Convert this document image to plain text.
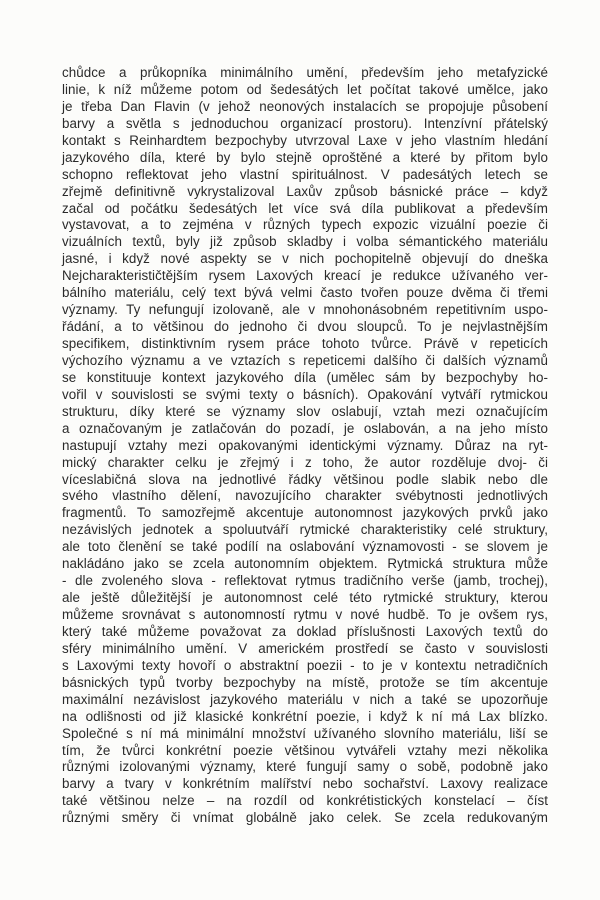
chůdce a průkopníka minimálního umění, především jeho metafyzické
linie, k níž můžeme potom od šedesátých let počítat takové umělce, jako
je třeba Dan Flavin (v jehož neonových instalacích se propojuje působení
barvy a světla s jednoduchou organizací prostoru). Intenzívní přátelský
kontakt s Reinhardtem bezpochyby utvrzoval Laxe v jeho vlastním hledání
jazykového díla, které by bylo stejně oproštěné a které by přitom bylo
schopno reflektovat jeho vlastní spirituálnost. V padesátých letech se
zřejmě definitivně vykrystalizoval Laxův způsob básnické práce – když
začal od počátku šedesátých let více svá díla publikovat a především
vystavovat, a to zejména v různých typech expozic vizuální poezie či
vizuálních textů, byly již způsob skladby i volba sémantického materiálu
jasné, i když nové aspekty se v nich pochopitelně objevují do dneška
Nejcharakterističtějším rysem Laxových kreací je redukce užívaného ver-
bálního materiálu, celý text bývá velmi často tvořen pouze dvěma či třemi
významy. Ty nefungují izolovaně, ale v mnohonásobném repetitivním uspo-
řádání, a to většinou do jednoho či dvou sloupců. To je nejvlastnějším
specifikem, distinktivním rysem práce tohoto tvůrce. Právě v repeticích
výchozího významu a ve vztazích s repeticemi dalšího či dalších významů
se konstituuje kontext jazykového díla (umělec sám by bezpochyby ho-
vořil v souvislosti se svými texty o básních). Opakování vytváří rytmickou
strukturu, díky které se významy slov oslabují, vztah mezi označujícím
a označovaným je zatlačován do pozadí, je oslabován, a na jeho místo
nastupují vztahy mezi opakovanými identickými významy. Důraz na ryt-
mický charakter celku je zřejmý i z toho, že autor rozděluje dvoj- či
víceslabičná slova na jednotlivé řádky většinou podle slabik nebo dle
svého vlastního dělení, navozujícího charakter svébytnosti jednotlivých
fragmentů. To samozřejmě akcentuje autonomnost jazykových prvků jako
nezávislých jednotek a spoluutváří rytmické charakteristiky celé struktury,
ale toto členění se také podílí na oslabování významovosti - se slovem je
nakládáno jako se zcela autonomním objektem. Rytmická struktura může
- dle zvoleného slova - reflektovat rytmus tradičního verše (jamb, trochej),
ale ještě důležitější je autonomnost celé této rytmické struktury, kterou
můžeme srovnávat s autonomností rytmu v nové hudbě. To je ovšem rys,
který také můžeme považovat za doklad příslušnosti Laxových textů do
sféry minimálního umění. V americkém prostředí se často v souvislosti
s Laxovými texty hovoří o abstraktní poezii - to je v kontextu netradičních
básnických typů tvorby bezpochyby na místě, protože se tím akcentuje
maximální nezávislost jazykového materiálu v nich a také se upozorňuje
na odlišnosti od již klasické konkrétní poezie, i když k ní má Lax blízko.
Společné s ní má minimální množství užívaného slovního materiálu, liší se
tím, že tvůrci konkrétní poezie většinou vytvářeli vztahy mezi několika
různými izolovanými významy, které fungují samy o sobě, podobně jako
barvy a tvary v konkrétním malířství nebo sochařství. Laxovy realizace
také většinou nelze – na rozdíl od konkrétistických konstelací – číst
různými směry či vnímat globálně jako celek. Se zcela redukovaným
